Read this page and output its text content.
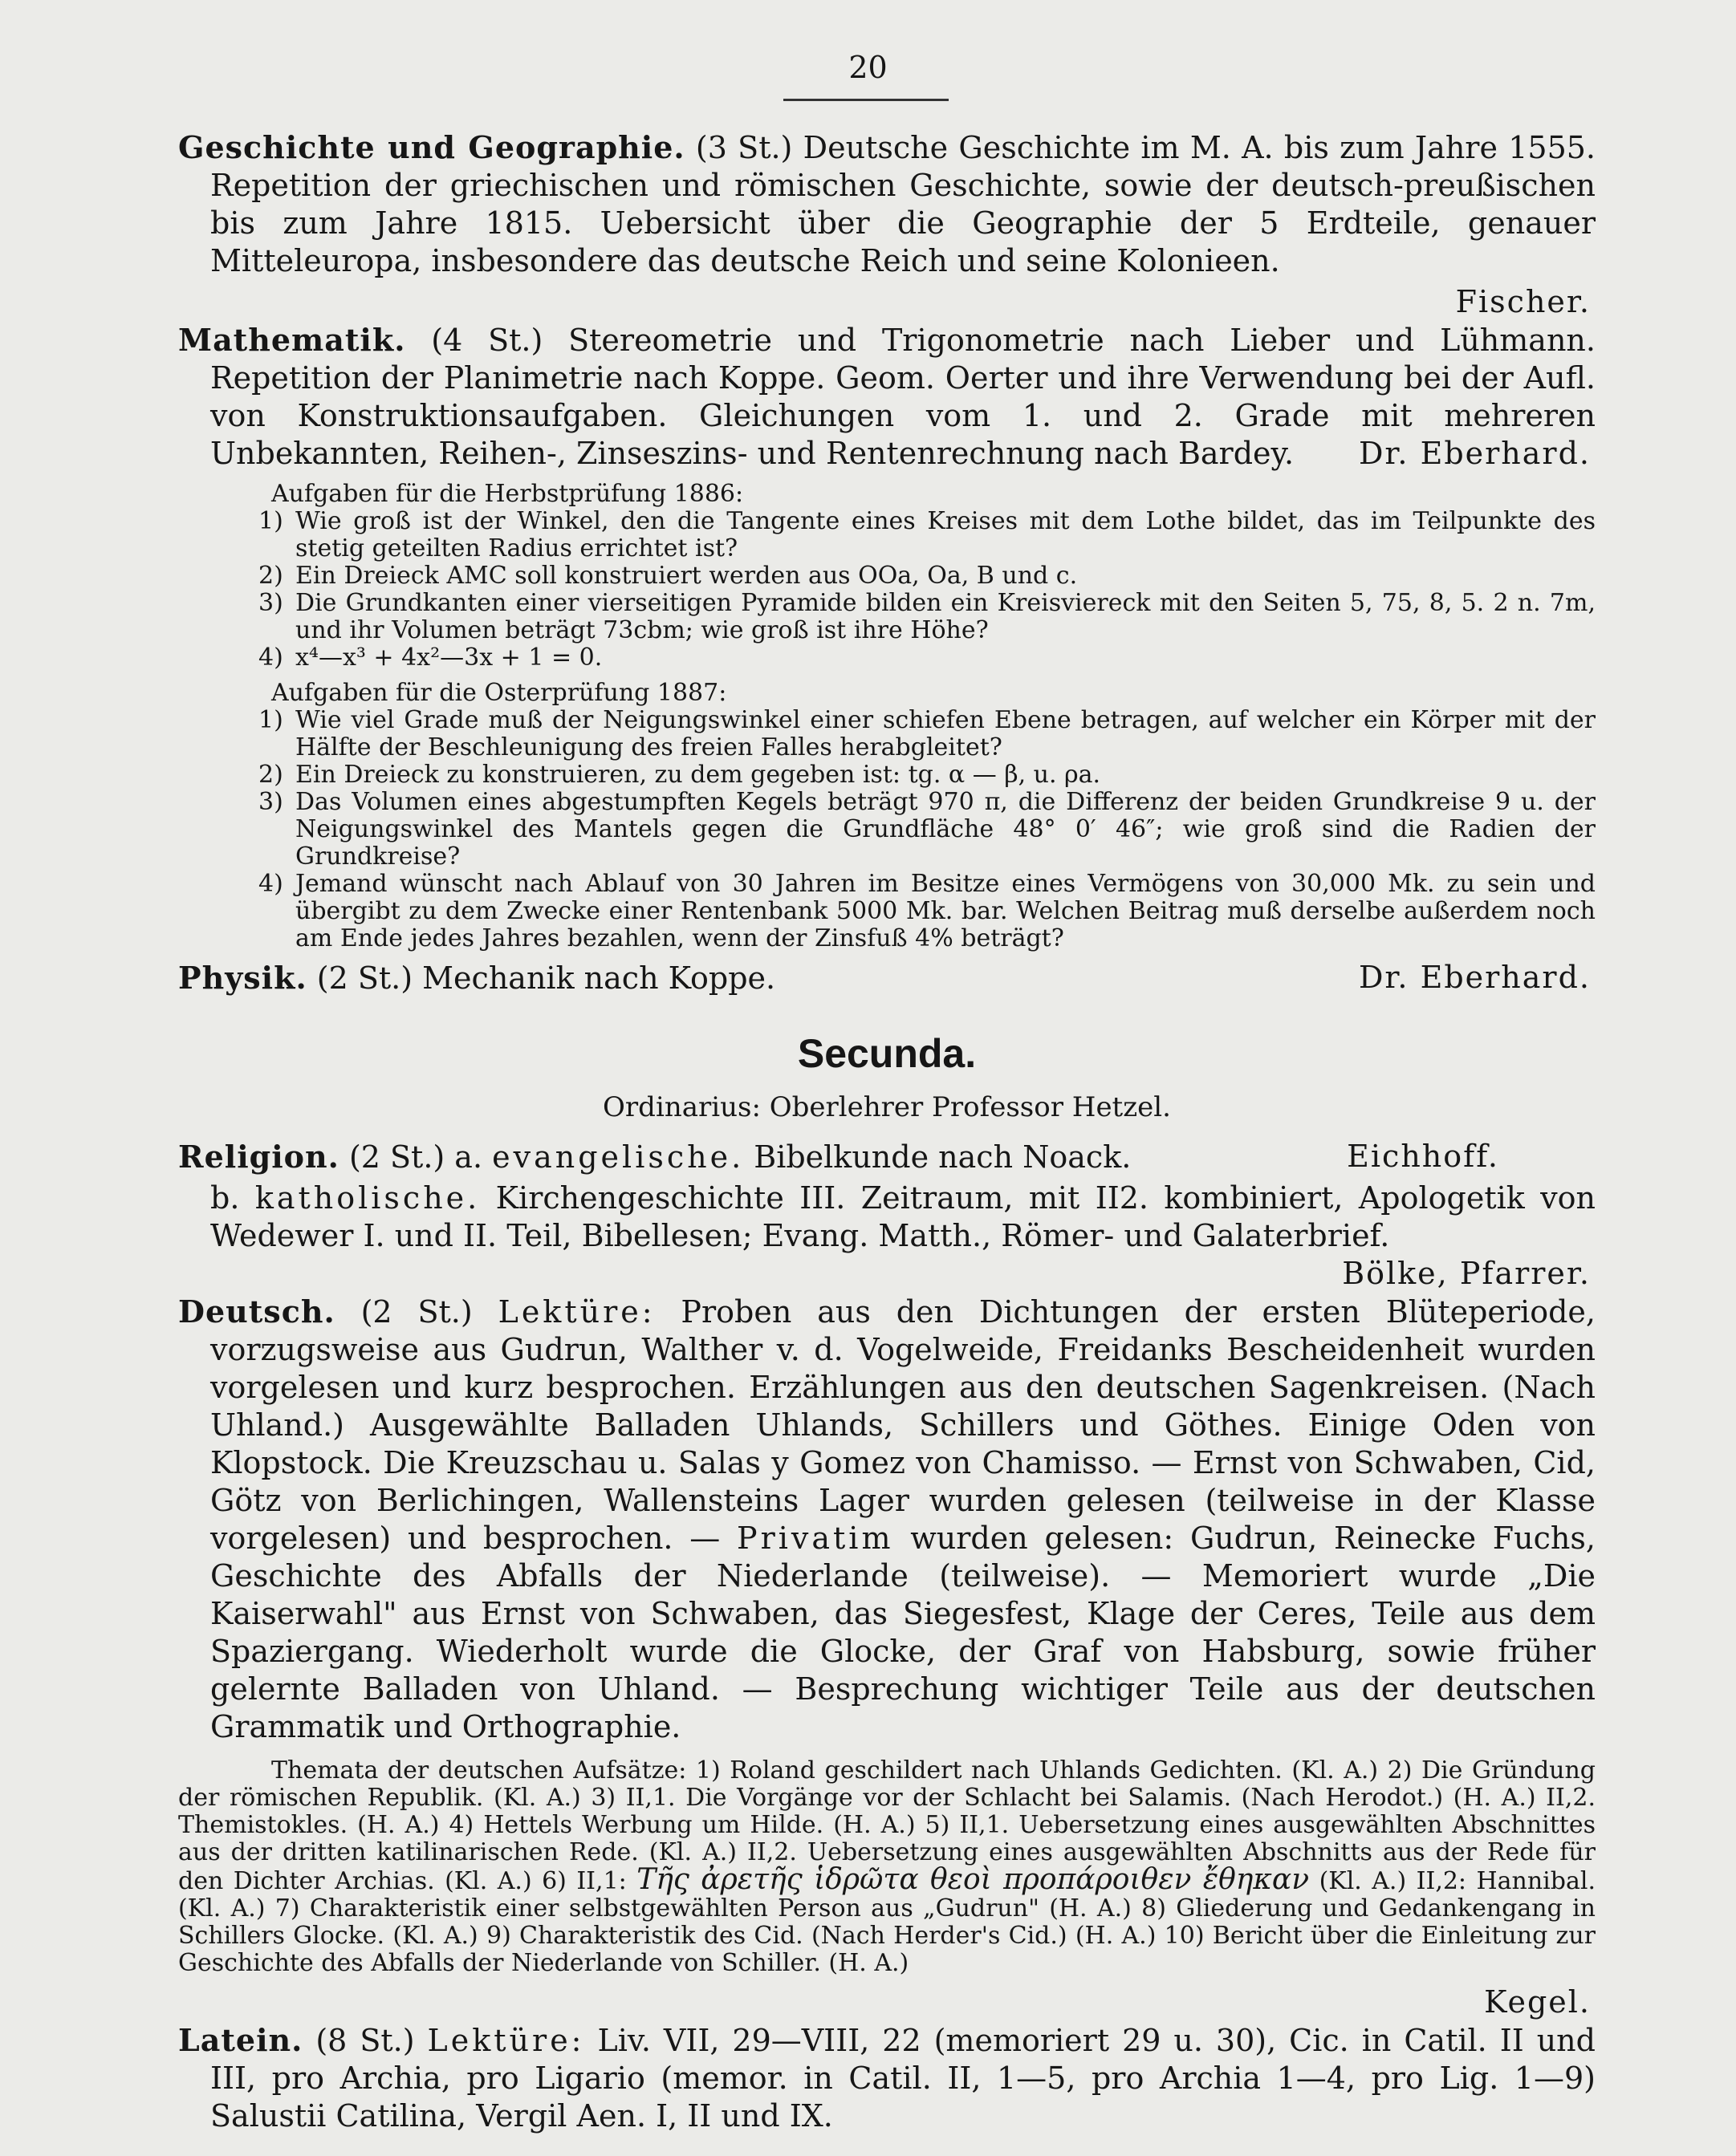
20
Geschichte und Geographie. (3 St.) Deutsche Geschichte im M. A. bis zum Jahre 1555. Repetition der griechischen und römischen Geschichte, sowie der deutsch-preußischen bis zum Jahre 1815. Uebersicht über die Geographie der 5 Erdteile, genauer Mitteleuropa, insbesondere das deutsche Reich und seine Kolonieen.
Fischer.
Mathematik. (4 St.) Stereometrie und Trigonometrie nach Lieber und Lühmann. Repetition der Planimetrie nach Koppe. Geom. Oerter und ihre Verwendung bei der Aufl. von Konstruktionsaufgaben. Gleichungen vom 1. und 2. Grade mit mehreren Unbekannten, Reihen-, Zinseszins- und Rentenrechnung nach Bardey. Dr. Eberhard.
Aufgaben für die Herbstprüfung 1886:
1) Wie groß ist der Winkel, den die Tangente eines Kreises mit dem Lothe bildet, das im Teilpunkte des stetig geteilten Radius errichtet ist?
2) Ein Dreieck AMC soll konstruiert werden aus OOa, Oa, B und c.
3) Die Grundkanten einer vierseitigen Pyramide bilden ein Kreisviereck mit den Seiten 5, 75, 8, 5. 2 n. 7m, und ihr Volumen beträgt 73cbm; wie groß ist ihre Höhe?
4) x⁴—x³ + 4x²—3x + 1 = 0.
Aufgaben für die Osterprüfung 1887:
1) Wie viel Grade muß der Neigungswinkel einer schiefen Ebene betragen, auf welcher ein Körper mit der Hälfte der Beschleunigung des freien Falles herabgleitet?
2) Ein Dreieck zu konstruieren, zu dem gegeben ist: tg. α — β, u. ρa.
3) Das Volumen eines abgestumpften Kegels beträgt 970 π, die Differenz der beiden Grundkreise 9 u. der Neigungswinkel des Mantels gegen die Grundfläche 48° 0′ 46″; wie groß sind die Radien der Grundkreise?
4) Jemand wünscht nach Ablauf von 30 Jahren im Besitze eines Vermögens von 30,000 Mk. zu sein und übergibt zu dem Zwecke einer Rentenbank 5000 Mk. bar. Welchen Beitrag muß derselbe außerdem noch am Ende jedes Jahres bezahlen, wenn der Zinsfuß 4% beträgt?
Physik. (2 St.) Mechanik nach Koppe.	Dr. Eberhard.
Secunda.
Ordinarius: Oberlehrer Professor Hetzel.
Religion. (2 St.) a. evangelische. Bibelkunde nach Noack.	Eichhoff.
b. katholische. Kirchengeschichte III. Zeitraum, mit II2. kombiniert, Apologetik von Wedewer I. und II. Teil, Bibellesen; Evang. Matth., Römer- und Galaterbrief.
Bölke, Pfarrer.
Deutsch. (2 St.) Lektüre: Proben aus den Dichtungen der ersten Blüteperiode, vorzugsweise aus Gudrun, Walther v. d. Vogelweide, Freidanks Bescheidenheit wurden vorgelesen und kurz besprochen. Erzählungen aus den deutschen Sagenkreisen. (Nach Uhland.) Ausgewählte Balladen Uhlands, Schillers und Göthes. Einige Oden von Klopstock. Die Kreuzschau u. Salas y Gomez von Chamisso. — Ernst von Schwaben, Cid, Götz von Berlichingen, Wallensteins Lager wurden gelesen (teilweise in der Klasse vorgelesen) und besprochen. — Privatim wurden gelesen: Gudrun, Reinecke Fuchs, Geschichte des Abfalls der Niederlande (teilweise). — Memoriert wurde „Die Kaiserwahl" aus Ernst von Schwaben, das Siegesfest, Klage der Ceres, Teile aus dem Spaziergang. Wiederholt wurde die Glocke, der Graf von Habsburg, sowie früher gelernte Balladen von Uhland. — Besprechung wichtiger Teile aus der deutschen Grammatik und Orthographie.
Themata der deutschen Aufsätze: 1) Roland geschildert nach Uhlands Gedichten. (Kl. A.) 2) Die Gründung der römischen Republik. (Kl. A.) 3) II,1. Die Vorgänge vor der Schlacht bei Salamis. (Nach Herodot.) (H. A.) II,2. Themistokles. (H. A.) 4) Hettels Werbung um Hilde. (H. A.) 5) II,1. Uebersetzung eines ausgewählten Abschnittes aus der dritten katilinarischen Rede. (Kl. A.) II,2. Uebersetzung eines ausgewählten Abschnitts aus der Rede für den Dichter Archias. (Kl. A.) 6) II,1: Τῆς ἀρετῆς ἱδρῶτα θεοὶ προπάροιθεν ἔθηκαν (Kl. A.) II,2: Hannibal. (Kl. A.) 7) Charakteristik einer selbstgewählten Person aus „Gudrun" (H. A.) 8) Gliederung und Gedankengang in Schillers Glocke. (Kl. A.) 9) Charakteristik des Cid. (Nach Herder's Cid.) (H. A.) 10) Bericht über die Einleitung zur Geschichte des Abfalls der Niederlande von Schiller. (H. A.)
Kegel.
Latein. (8 St.) Lektüre: Liv. VII, 29—VIII, 22 (memoriert 29 u. 30), Cic. in Catil. II und III, pro Archia, pro Ligario (memor. in Catil. II, 1—5, pro Archia 1—4, pro Lig. 1—9) Salustii Catilina, Vergil Aen. I, II und IX.
